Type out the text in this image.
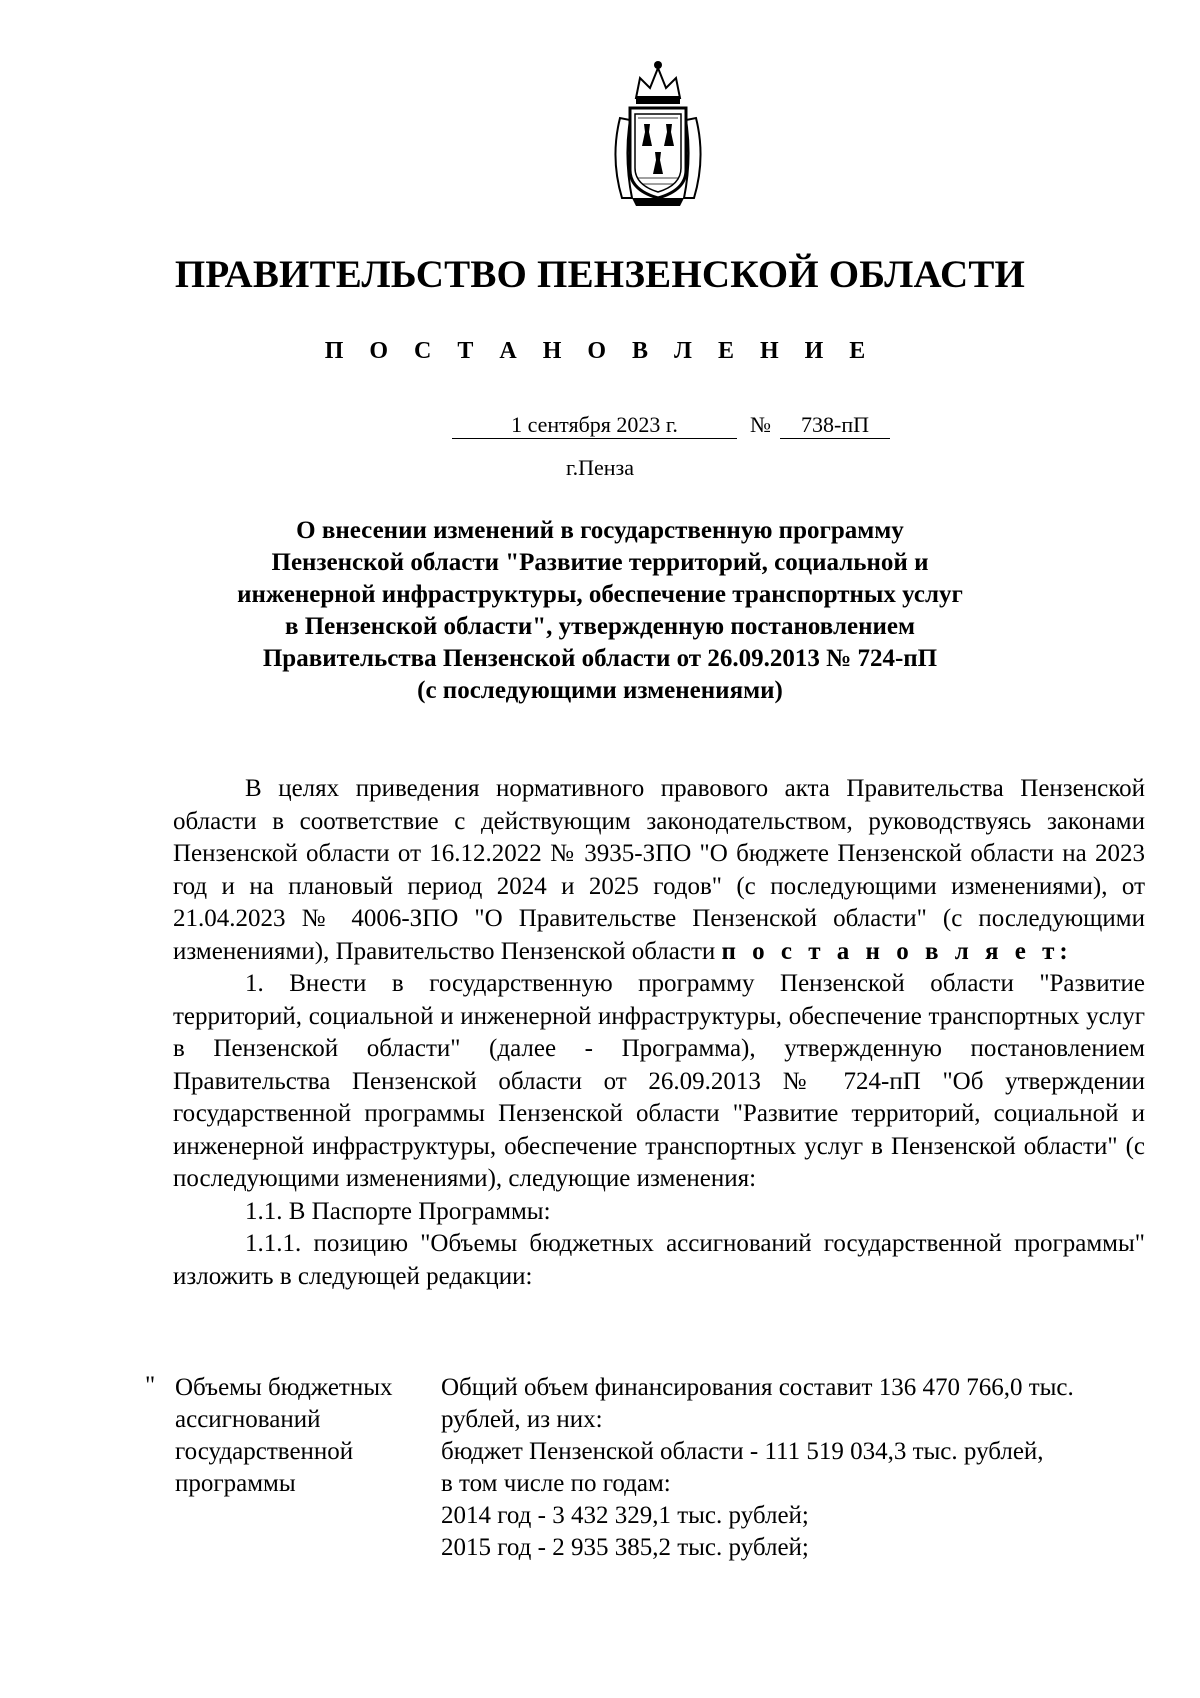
ПРАВИТЕЛЬСТВО ПЕНЗЕНСКОЙ ОБЛАСТИ
П О С Т А Н О В Л Е Н И Е
1 сентября 2023 г.	№	738-пП
г.Пенза
О внесении изменений в государственную программу
Пензенской области "Развитие территорий, социальной и
инженерной инфраструктуры, обеспечение транспортных услуг
в Пензенской области", утвержденную постановлением
Правительства Пензенской области от 26.09.2013 № 724-пП
(с последующими изменениями)
В целях приведения нормативного правового акта Правительства Пензенской области в соответствие с действующим законодательством, руководствуясь законами Пензенской области от 16.12.2022 № 3935-ЗПО "О бюджете Пензенской области на 2023 год и на плановый период 2024 и 2025 годов" (с последующими изменениями), от 21.04.2023 № 4006-ЗПО "О Правительстве Пензенской области" (с последующими изменениями), Правительство Пензенской области п о с т а н о в л я е т:
1. Внести в государственную программу Пензенской области "Развитие территорий, социальной и инженерной инфраструктуры, обеспечение транспортных услуг в Пензенской области" (далее - Программа), утвержденную постановлением Правительства Пензенской области от 26.09.2013 № 724-пП "Об утверждении государственной программы Пензенской области "Развитие территорий, социальной и инженерной инфраструктуры, обеспечение транспортных услуг в Пензенской области" (с последующими изменениями), следующие изменения:
1.1. В Паспорте Программы:
1.1.1. позицию "Объемы бюджетных ассигнований государственной программы" изложить в следующей редакции:
" Объемы бюджетных ассигнований государственной программы
Общий объем финансирования составит 136 470 766,0 тыс.
рублей, из них:
бюджет Пензенской области - 111 519 034,3 тыс. рублей,
в том числе по годам:
2014 год - 3 432 329,1 тыс. рублей;
2015 год - 2 935 385,2 тыс. рублей;
